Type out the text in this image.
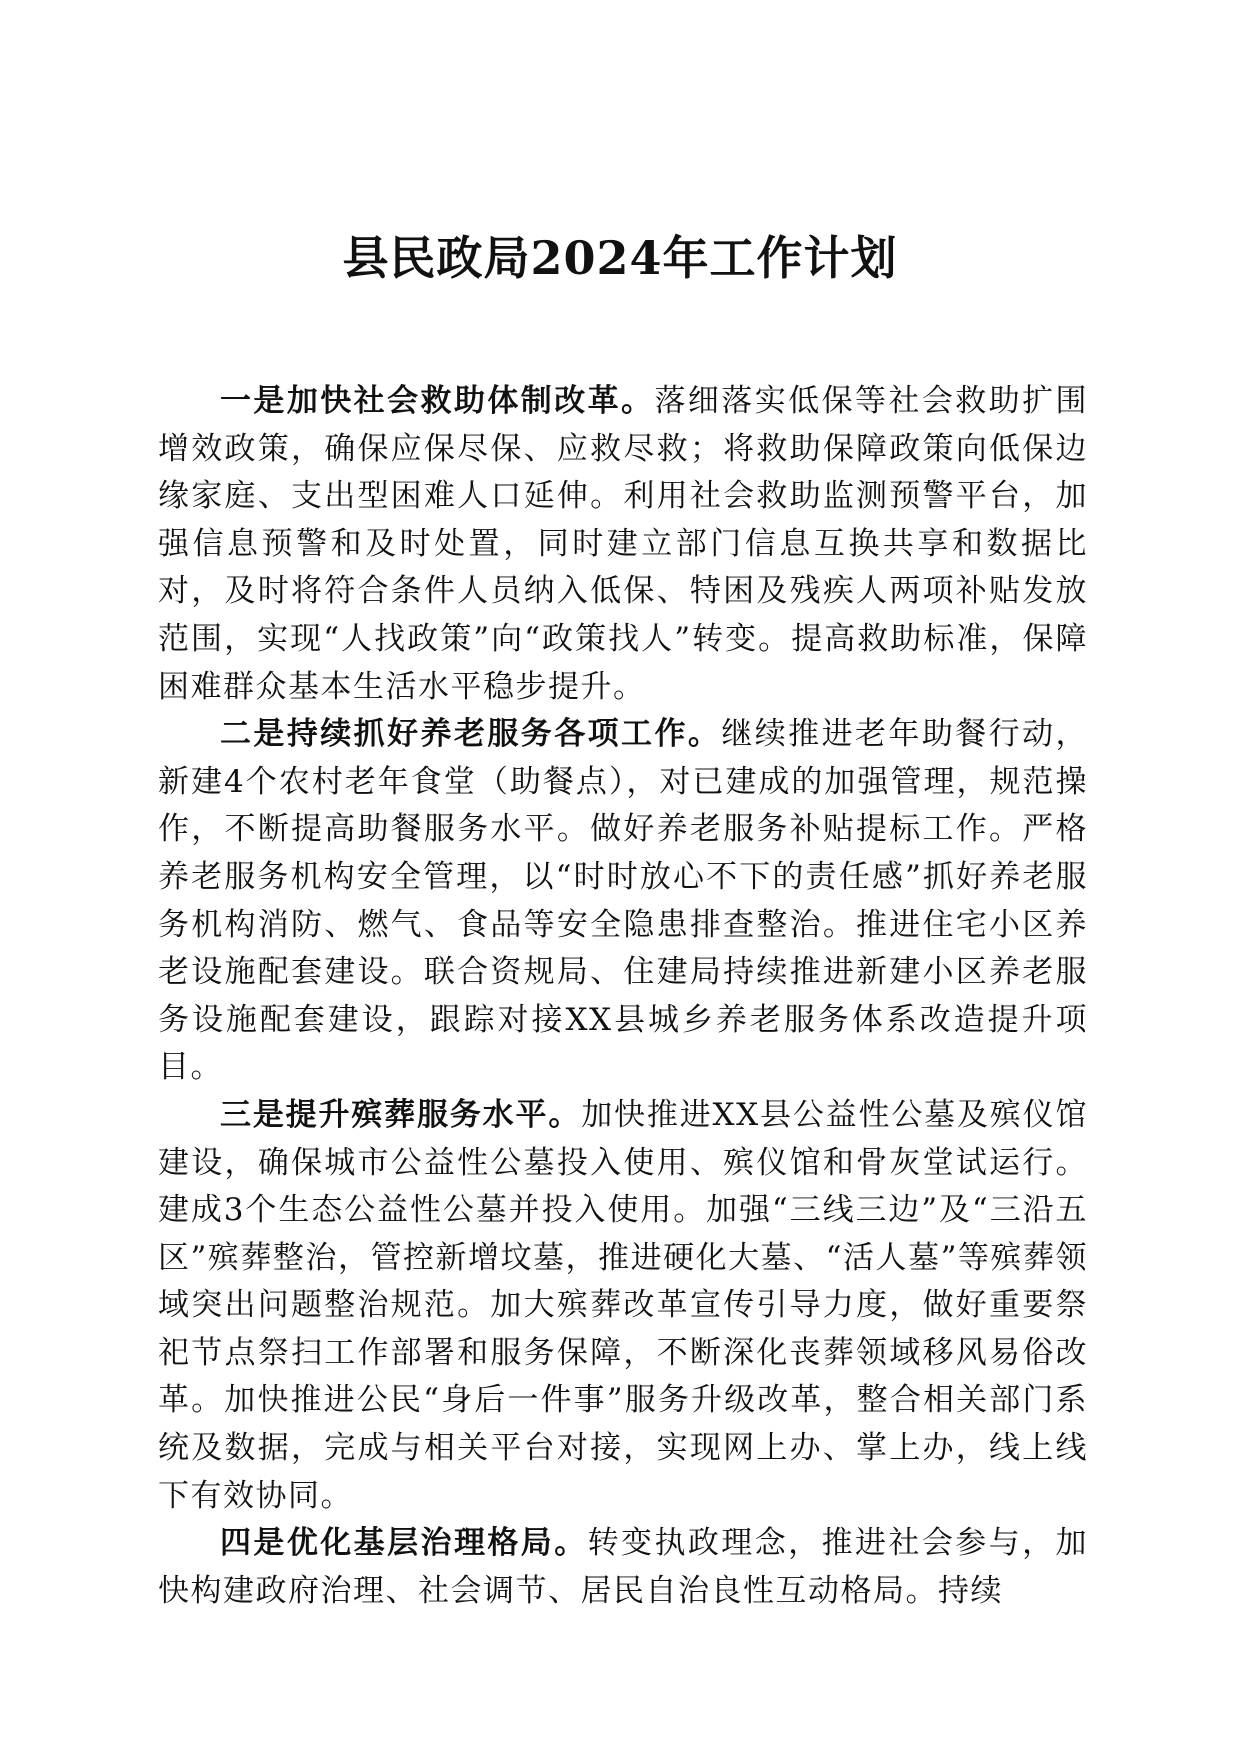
县民政局2024年工作计划

一是加快社会救助体制改革。落细落实低保等社会救助扩围增效政策，确保应保尽保、应救尽救；将救助保障政策向低保边缘家庭、支出型困难人口延伸。利用社会救助监测预警平台，加强信息预警和及时处置，同时建立部门信息互换共享和数据比对，及时将符合条件人员纳入低保、特困及残疾人两项补贴发放范围，实现“人找政策”向“政策找人”转变。提高救助标准，保障困难群众基本生活水平稳步提升。

二是持续抓好养老服务各项工作。继续推进老年助餐行动，新建4个农村老年食堂（助餐点），对已建成的加强管理，规范操作，不断提高助餐服务水平。做好养老服务补贴提标工作。严格养老服务机构安全管理，以“时时放心不下的责任感”抓好养老服务机构消防、燃气、食品等安全隐患排查整治。推进住宅小区养老设施配套建设。联合资规局、住建局持续推进新建小区养老服务设施配套建设，跟踪对接XX县城乡养老服务体系改造提升项目。

三是提升殡葬服务水平。加快推进XX县公益性公墓及殡仪馆建设，确保城市公益性公墓投入使用、殡仪馆和骨灰堂试运行。建成3个生态公益性公墓并投入使用。加强“三线三边”及“三沿五区”殡葬整治，管控新增坟墓，推进硬化大墓、“活人墓”等殡葬领域突出问题整治规范。加大殡葬改革宣传引导力度，做好重要祭祀节点祭扫工作部署和服务保障，不断深化丧葬领域移风易俗改革。加快推进公民“身后一件事”服务升级改革，整合相关部门系统及数据，完成与相关平台对接，实现网上办、掌上办，线上线下有效协同。

四是优化基层治理格局。转变执政理念，推进社会参与，加快构建政府治理、社会调节、居民自治良性互动格局。持续
